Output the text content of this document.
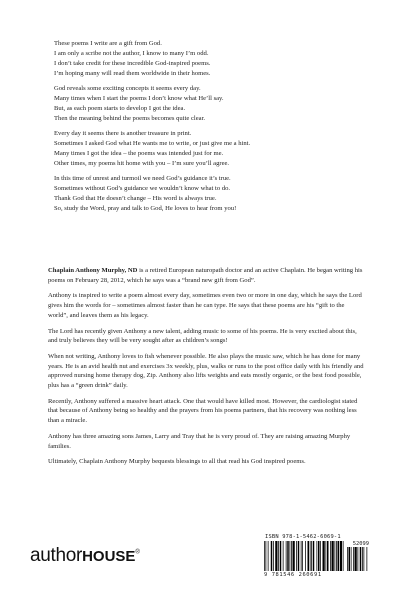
These poems I write are a gift from God.
I am only a scribe not the author, I know to many I’m odd.
I don’t take credit for these incredible God-inspired poems.
I’m hoping many will read them worldwide in their homes.
God reveals some exciting concepts it seems every day.
Many times when I start the poems I don’t know what He’ll say.
But, as each poem starts to develop I got the idea.
Then the meaning behind the poems becomes quite clear.
Every day it seems there is another treasure in print.
Sometimes I asked God what He wants me to write, or just give me a hint.
Many times I got the idea – the poems was intended just for me.
Other times, my poems hit home with you – I’m sure you’ll agree.
In this time of unrest and turmoil we need God’s guidance it’s true.
Sometimes without God’s guidance we wouldn’t know what to do.
Thank God that He doesn’t change – His word is always true.
So, study the Word, pray and talk to God, He loves to hear from you!

Chaplain Anthony Murphy, ND is a retired European naturopath doctor and an active Chaplain. He began writing his poems on February 28, 2012, which he says was a “brand new gift from God”.

Anthony is inspired to write a poem almost every day, sometimes even two or more in one day, which he says the Lord gives him the words for – sometimes almost faster than he can type. He says that these poems are his “gift to the world”, and leaves them as his legacy.

The Lord has recently given Anthony a new talent, adding music to some of his poems. He is very excited about this, and truly believes they will be very sought after as children’s songs!

When not writing, Anthony loves to fish whenever possible. He also plays the music saw, which he has done for many years. He is an avid health nut and exercises 3x weekly, plus, walks or runs to the post office daily with his friendly and approved nursing home therapy dog, Zip. Anthony also lifts weights and eats mostly organic, or the best food possible, plus has a “green drink” daily.

Recently, Anthony suffered a massive heart attack. One that would have killed most. However, the cardiologist stated that because of Anthony being so healthy and the prayers from his poems partners, that his recovery was nothing less than a miracle.

Anthony has three amazing sons James, Larry and Tray that he is very proud of. They are raising amazing Murphy families.

Ultimately, Chaplain Anthony Murphy bequests blessings to all that read his God inspired poems.

ISBN 978-1-5462-6069-1
52099
9 781546 260691
authorHOUSE®
